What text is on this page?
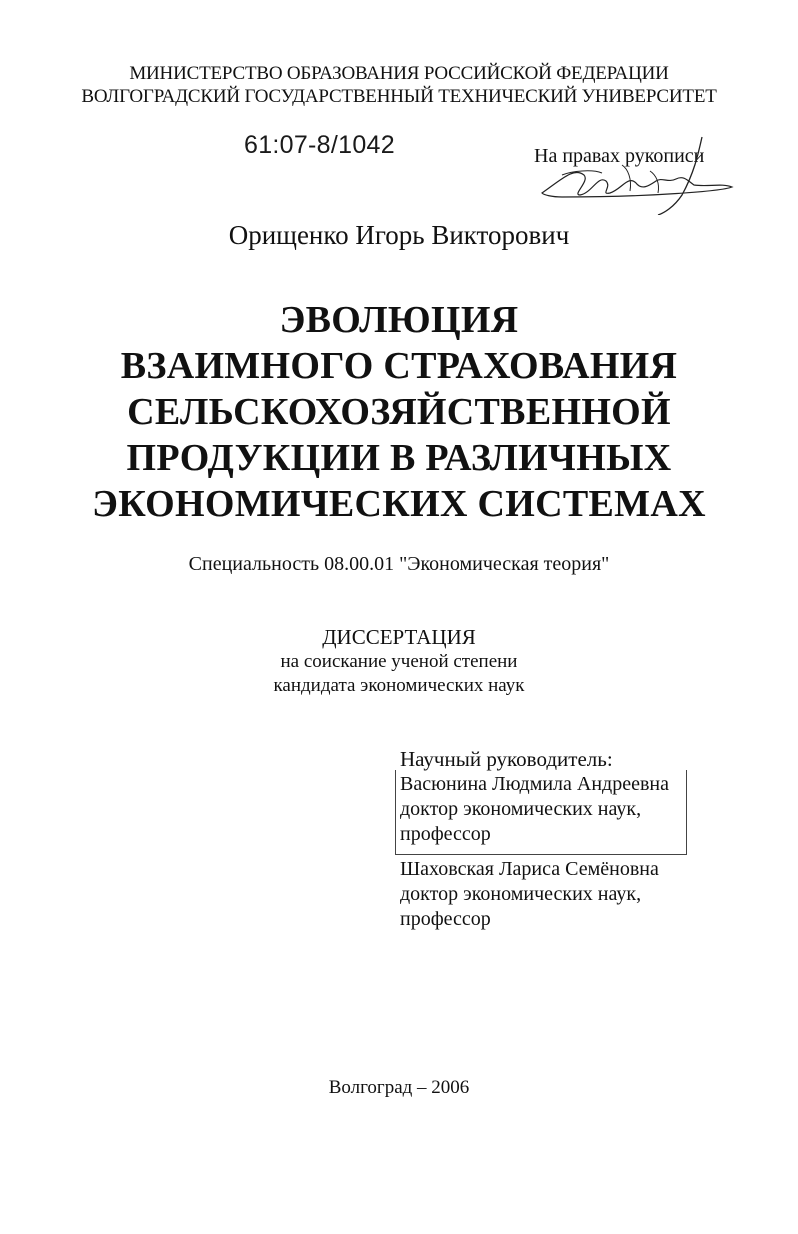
МИНИСТЕРСТВО ОБРАЗОВАНИЯ РОССИЙСКОЙ ФЕДЕРАЦИИ
ВОЛГОГРАДСКИЙ ГОСУДАРСТВЕННЫЙ ТЕХНИЧЕСКИЙ УНИВЕРСИТЕТ
61:07-8/1042	На правах рукописи
Орищенко Игорь Викторович
ЭВОЛЮЦИЯ
ВЗАИМНОГО СТРАХОВАНИЯ
СЕЛЬСКОХОЗЯЙСТВЕННОЙ
ПРОДУКЦИИ В РАЗЛИЧНЫХ
ЭКОНОМИЧЕСКИХ СИСТЕМАХ
Специальность 08.00.01 "Экономическая теория"
ДИССЕРТАЦИЯ
на соискание ученой степени
кандидата экономических наук
Научный руководитель:
Васюнина Людмила Андреевна
доктор экономических наук,
профессор
Шаховская Лариса Семёновна
доктор экономических наук,
профессор
Волгоград – 2006
